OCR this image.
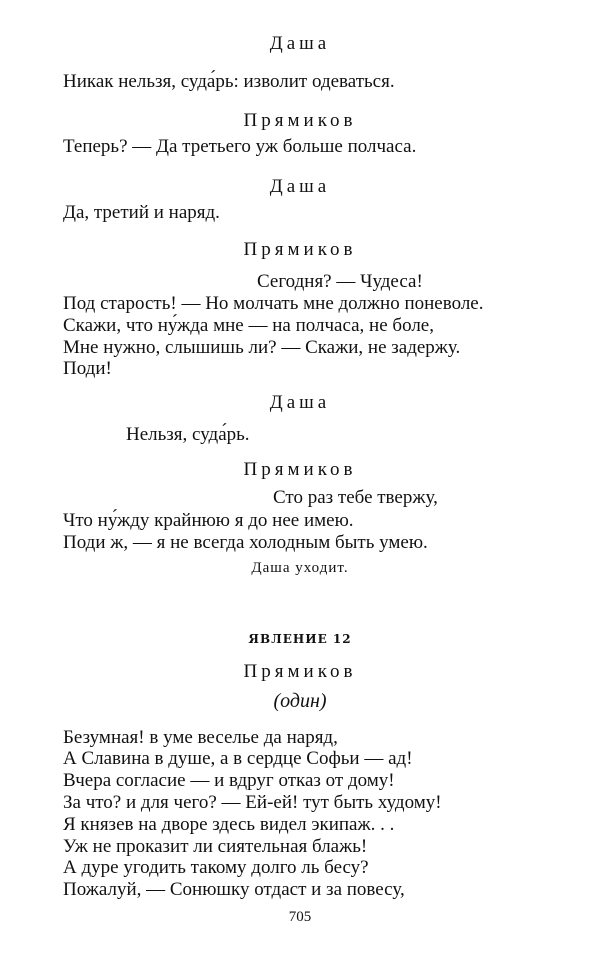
Даша
Никак нельзя, суда́рь: изволит одеваться.
Прямиков
Теперь? — Да третьего уж больше полчаса.
Даша
Да, третий и наряд.
Прямиков
Сегодня? — Чудеса!
Под старость! — Но молчать мне должно поневоле.
Скажи, что ну́жда мне — на полчаса, не боле,
Мне нужно, слышишь ли? — Скажи, не задержу.
Поди!
Даша
Нельзя, суда́рь.
Прямиков
Сто раз тебе твержу,
Что ну́жду крайнюю я до нее имею.
Поди ж, — я не всегда холодным быть умею.
Даша уходит.
ЯВЛЕНИЕ 12
Прямиков
(один)
Безумная! в уме веселье да наряд,
А Славина в душе, а в сердце Софьи — ад!
Вчера согласие — и вдруг отказ от дому!
За что? и для чего? — Ей-ей! тут быть худому!
Я князев на дворе здесь видел экипаж. . .
Уж не проказит ли сиятельная блажь!
А дуре угодить такому долго ль бесу?
Пожалуй, — Сонюшку отдаст и за повесу,
705
